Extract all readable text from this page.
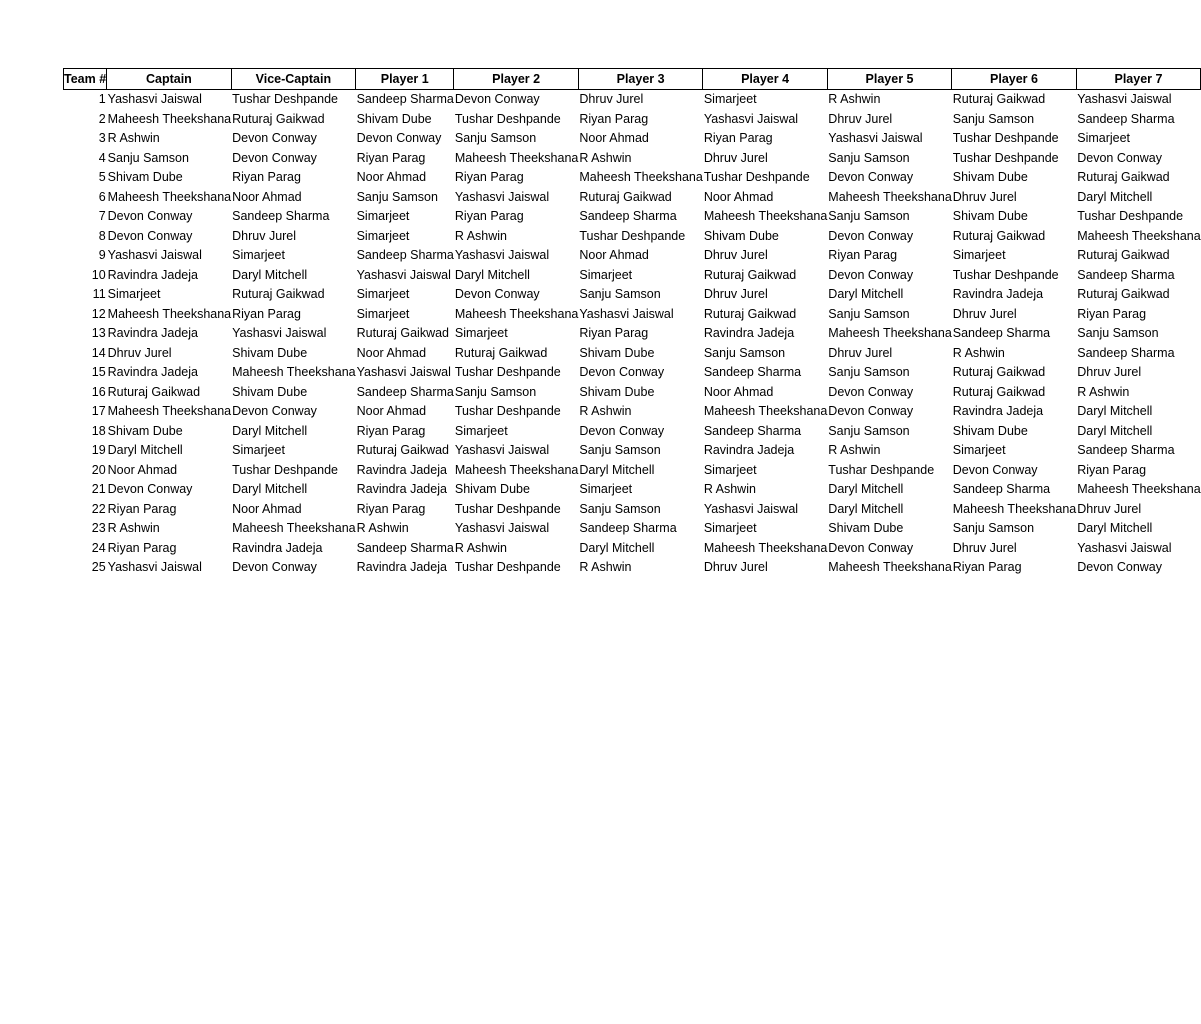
Team #	Captain	Vice-Captain	Player 1	Player 2	Player 3	Player 4	Player 5	Player 6	Player 7
1	Yashasvi Jaiswal	Tushar Deshpande	Sandeep Sharma	Devon Conway	Dhruv Jurel	Simarjeet	R Ashwin	Ruturaj Gaikwad	Yashasvi Jaiswal
2	Maheesh Theekshana	Ruturaj Gaikwad	Shivam Dube	Tushar Deshpande	Riyan Parag	Yashasvi Jaiswal	Dhruv Jurel	Sanju Samson	Sandeep Sharma
3	R Ashwin	Devon Conway	Devon Conway	Sanju Samson	Noor Ahmad	Riyan Parag	Yashasvi Jaiswal	Tushar Deshpande	Simarjeet
4	Sanju Samson	Devon Conway	Riyan Parag	Maheesh Theekshana	R Ashwin	Dhruv Jurel	Sanju Samson	Tushar Deshpande	Devon Conway
5	Shivam Dube	Riyan Parag	Noor Ahmad	Riyan Parag	Maheesh Theekshana	Tushar Deshpande	Devon Conway	Shivam Dube	Ruturaj Gaikwad
6	Maheesh Theekshana	Noor Ahmad	Sanju Samson	Yashasvi Jaiswal	Ruturaj Gaikwad	Noor Ahmad	Maheesh Theekshana	Dhruv Jurel	Daryl Mitchell
7	Devon Conway	Sandeep Sharma	Simarjeet	Riyan Parag	Sandeep Sharma	Maheesh Theekshana	Sanju Samson	Shivam Dube	Tushar Deshpande
8	Devon Conway	Dhruv Jurel	Simarjeet	R Ashwin	Tushar Deshpande	Shivam Dube	Devon Conway	Ruturaj Gaikwad	Maheesh Theekshana
9	Yashasvi Jaiswal	Simarjeet	Sandeep Sharma	Yashasvi Jaiswal	Noor Ahmad	Dhruv Jurel	Riyan Parag	Simarjeet	Ruturaj Gaikwad
10	Ravindra Jadeja	Daryl Mitchell	Yashasvi Jaiswal	Daryl Mitchell	Simarjeet	Ruturaj Gaikwad	Devon Conway	Tushar Deshpande	Sandeep Sharma
11	Simarjeet	Ruturaj Gaikwad	Simarjeet	Devon Conway	Sanju Samson	Dhruv Jurel	Daryl Mitchell	Ravindra Jadeja	Ruturaj Gaikwad
12	Maheesh Theekshana	Riyan Parag	Simarjeet	Maheesh Theekshana	Yashasvi Jaiswal	Ruturaj Gaikwad	Sanju Samson	Dhruv Jurel	Riyan Parag
13	Ravindra Jadeja	Yashasvi Jaiswal	Ruturaj Gaikwad	Simarjeet	Riyan Parag	Ravindra Jadeja	Maheesh Theekshana	Sandeep Sharma	Sanju Samson
14	Dhruv Jurel	Shivam Dube	Noor Ahmad	Ruturaj Gaikwad	Shivam Dube	Sanju Samson	Dhruv Jurel	R Ashwin	Sandeep Sharma
15	Ravindra Jadeja	Maheesh Theekshana	Yashasvi Jaiswal	Tushar Deshpande	Devon Conway	Sandeep Sharma	Sanju Samson	Ruturaj Gaikwad	Dhruv Jurel
16	Ruturaj Gaikwad	Shivam Dube	Sandeep Sharma	Sanju Samson	Shivam Dube	Noor Ahmad	Devon Conway	Ruturaj Gaikwad	R Ashwin
17	Maheesh Theekshana	Devon Conway	Noor Ahmad	Tushar Deshpande	R Ashwin	Maheesh Theekshana	Devon Conway	Ravindra Jadeja	Daryl Mitchell
18	Shivam Dube	Daryl Mitchell	Riyan Parag	Simarjeet	Devon Conway	Sandeep Sharma	Sanju Samson	Shivam Dube	Daryl Mitchell
19	Daryl Mitchell	Simarjeet	Ruturaj Gaikwad	Yashasvi Jaiswal	Sanju Samson	Ravindra Jadeja	R Ashwin	Simarjeet	Sandeep Sharma
20	Noor Ahmad	Tushar Deshpande	Ravindra Jadeja	Maheesh Theekshana	Daryl Mitchell	Simarjeet	Tushar Deshpande	Devon Conway	Riyan Parag
21	Devon Conway	Daryl Mitchell	Ravindra Jadeja	Shivam Dube	Simarjeet	R Ashwin	Daryl Mitchell	Sandeep Sharma	Maheesh Theekshana
22	Riyan Parag	Noor Ahmad	Riyan Parag	Tushar Deshpande	Sanju Samson	Yashasvi Jaiswal	Daryl Mitchell	Maheesh Theekshana	Dhruv Jurel
23	R Ashwin	Maheesh Theekshana	R Ashwin	Yashasvi Jaiswal	Sandeep Sharma	Simarjeet	Shivam Dube	Sanju Samson	Daryl Mitchell
24	Riyan Parag	Ravindra Jadeja	Sandeep Sharma	R Ashwin	Daryl Mitchell	Maheesh Theekshana	Devon Conway	Dhruv Jurel	Yashasvi Jaiswal
25	Yashasvi Jaiswal	Devon Conway	Ravindra Jadeja	Tushar Deshpande	R Ashwin	Dhruv Jurel	Maheesh Theekshana	Riyan Parag	Devon Conway
